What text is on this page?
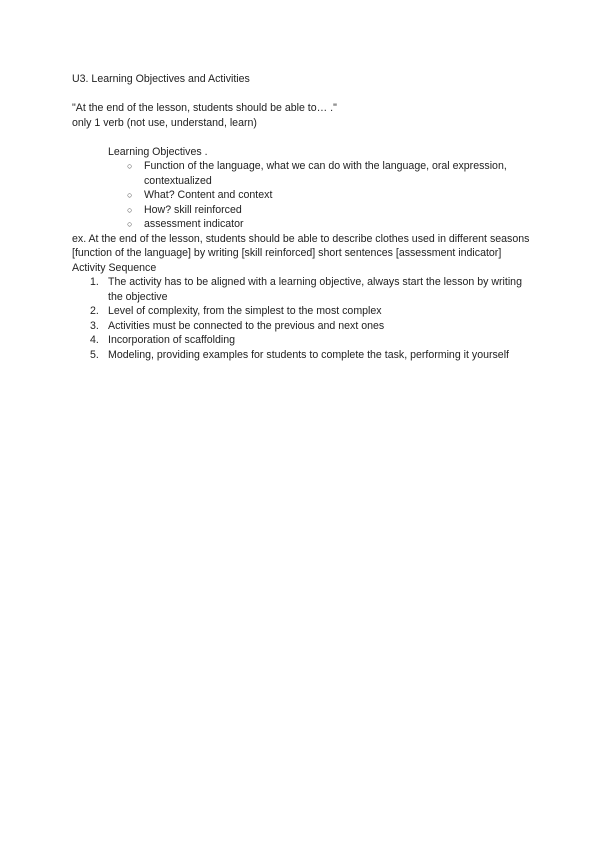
U3. Learning Objectives and Activities

"At the end of the lesson, students should be able to… ."

only 1 verb (not use, understand, learn)

Learning Objectives .

○ Function of the language, what we can do with the language, oral expression, contextualized
○ What? Content and context
○ How? skill reinforced
○ assessment indicator

ex. At the end of the lesson, students should be able to describe clothes used in different seasons [function of the language] by writing [skill reinforced] short sentences [assessment indicator]

Activity Sequence

1. The activity has to be aligned with a learning objective, always start the lesson by writing the objective
2. Level of complexity, from the simplest to the most complex
3. Activities must be connected to the previous and next ones
4. Incorporation of scaffolding
5. Modeling, providing examples for students to complete the task, performing it yourself
